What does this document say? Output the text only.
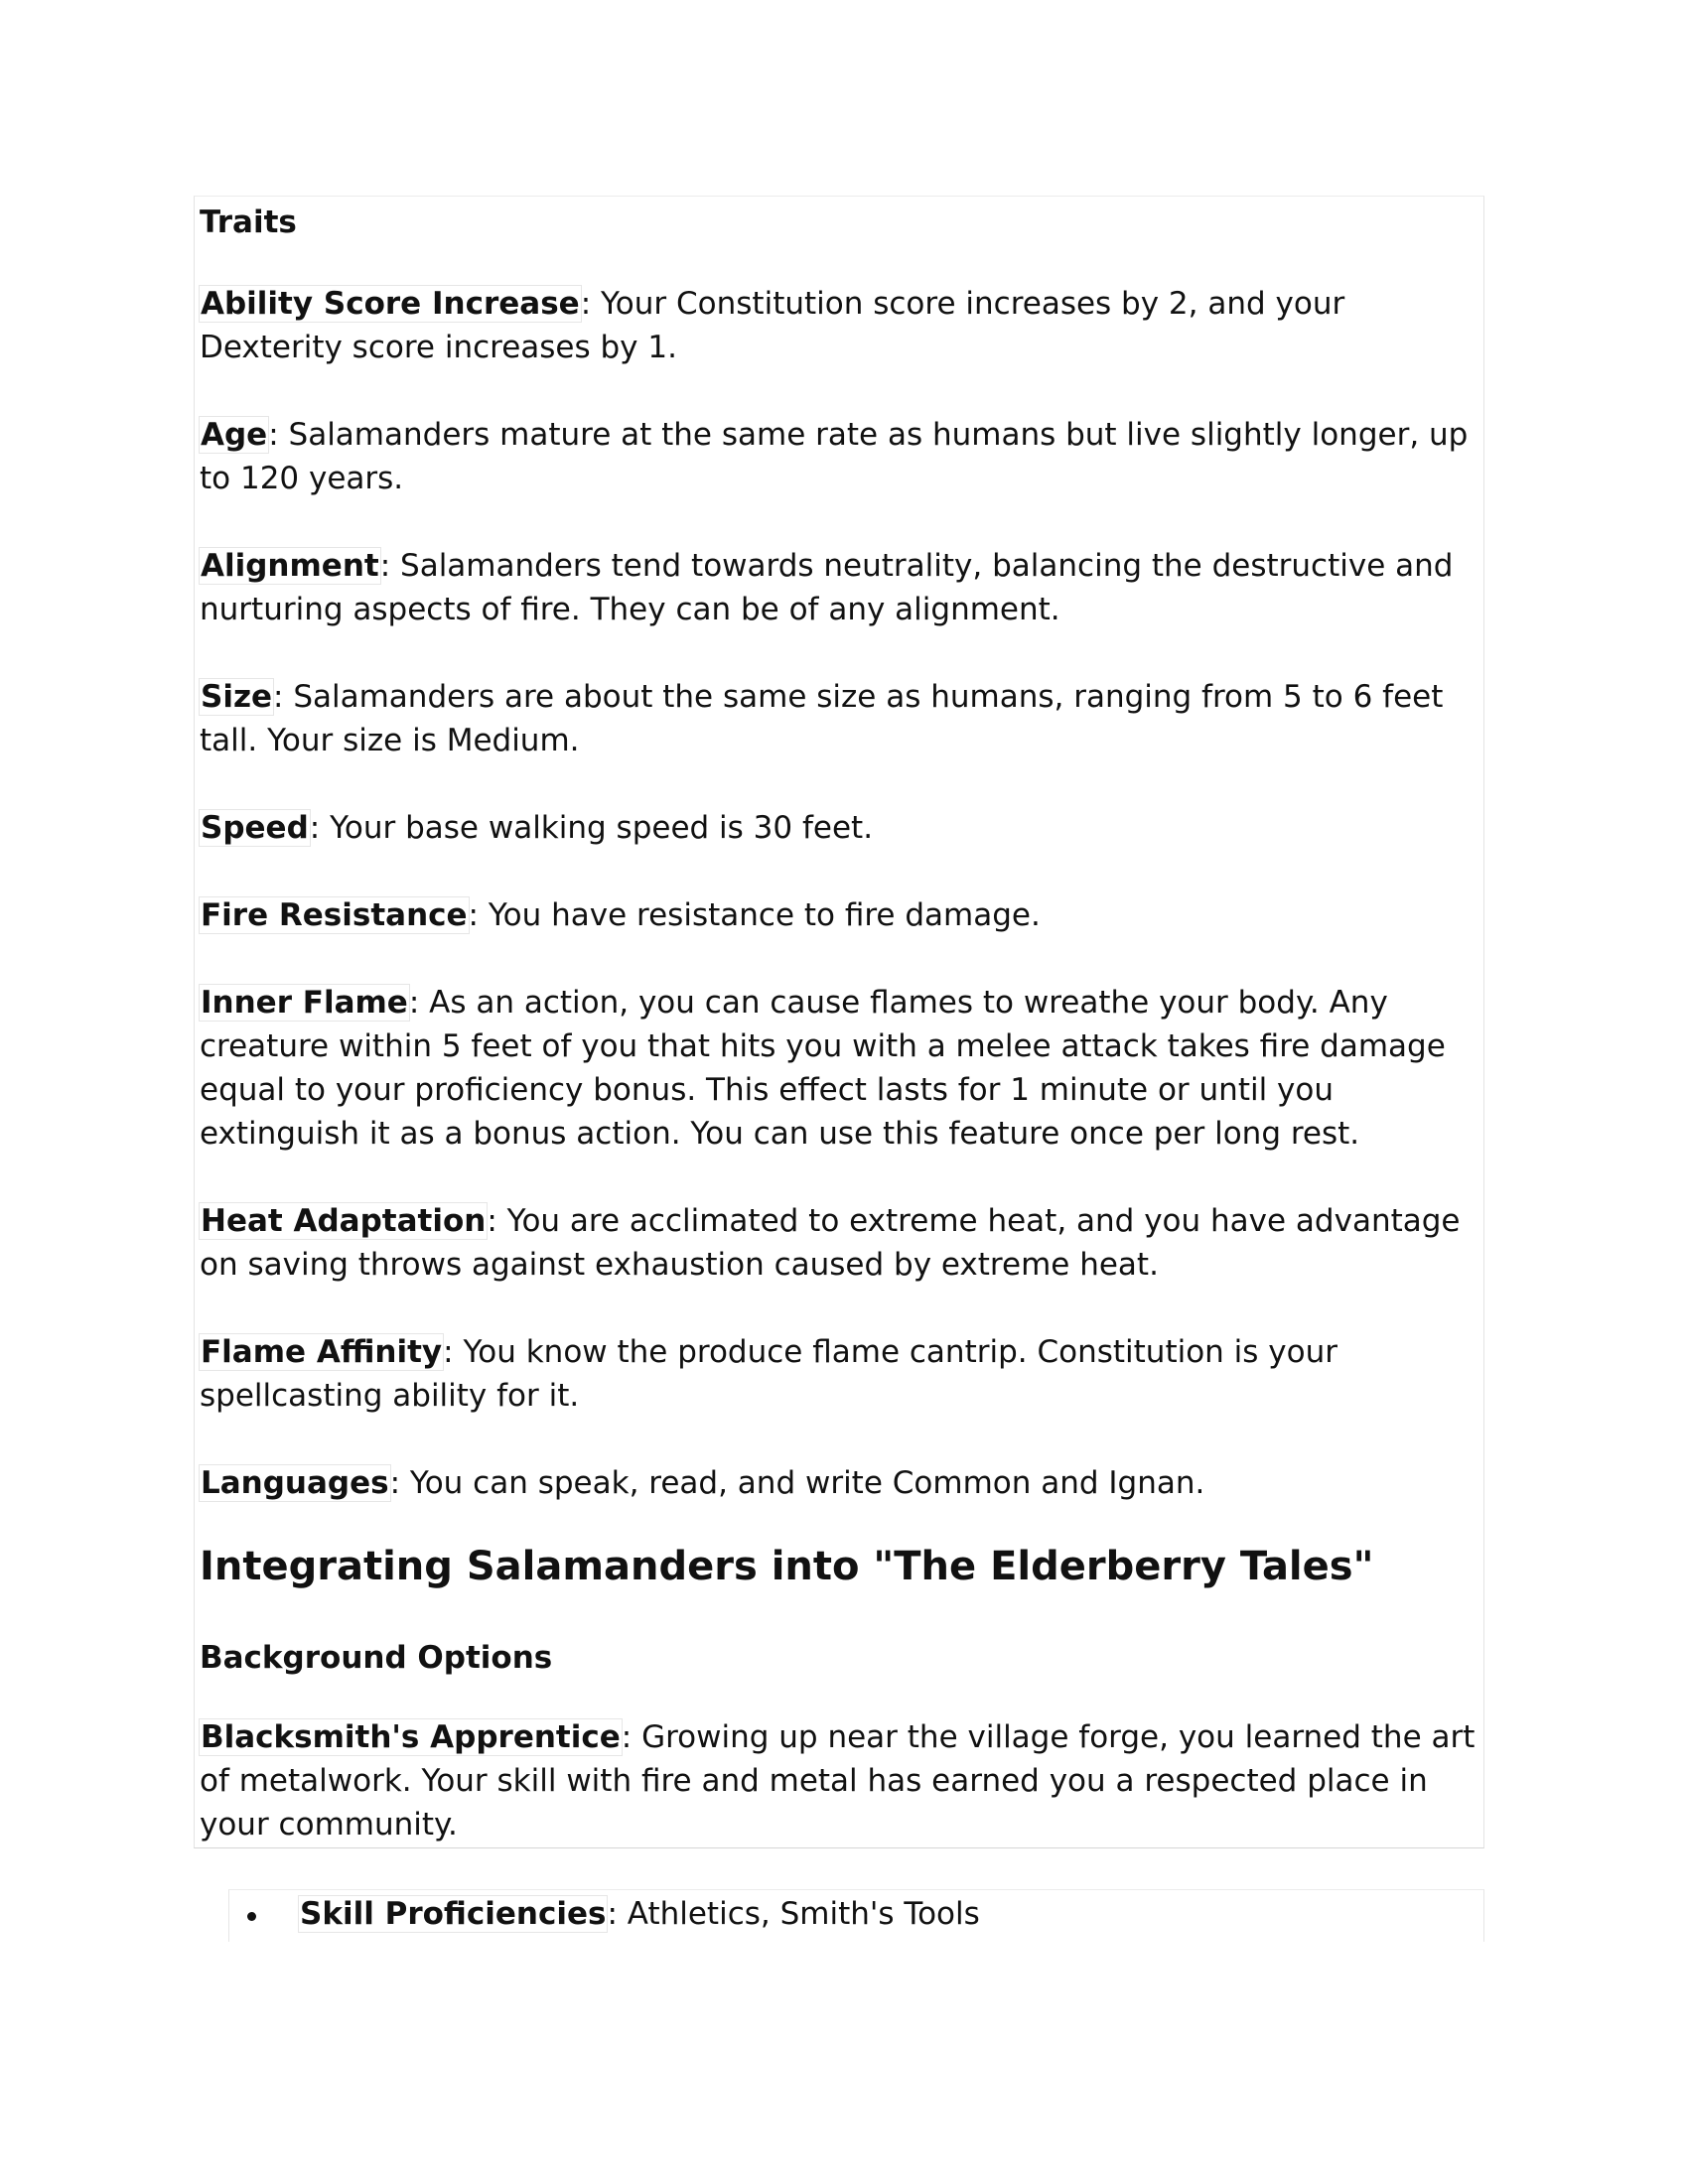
Traits

Ability Score Increase: Your Constitution score increases by 2, and your Dexterity score increases by 1.

Age: Salamanders mature at the same rate as humans but live slightly longer, up to 120 years.

Alignment: Salamanders tend towards neutrality, balancing the destructive and nurturing aspects of fire. They can be of any alignment.

Size: Salamanders are about the same size as humans, ranging from 5 to 6 feet tall. Your size is Medium.

Speed: Your base walking speed is 30 feet.

Fire Resistance: You have resistance to fire damage.

Inner Flame: As an action, you can cause flames to wreathe your body. Any creature within 5 feet of you that hits you with a melee attack takes fire damage equal to your proficiency bonus. This effect lasts for 1 minute or until you extinguish it as a bonus action. You can use this feature once per long rest.

Heat Adaptation: You are acclimated to extreme heat, and you have advantage on saving throws against exhaustion caused by extreme heat.

Flame Affinity: You know the produce flame cantrip. Constitution is your spellcasting ability for it.

Languages: You can speak, read, and write Common and Ignan.

Integrating Salamanders into "The Elderberry Tales"

Background Options

Blacksmith's Apprentice: Growing up near the village forge, you learned the art of metalwork. Your skill with fire and metal has earned you a respected place in your community.

Skill Proficiencies: Athletics, Smith's Tools
